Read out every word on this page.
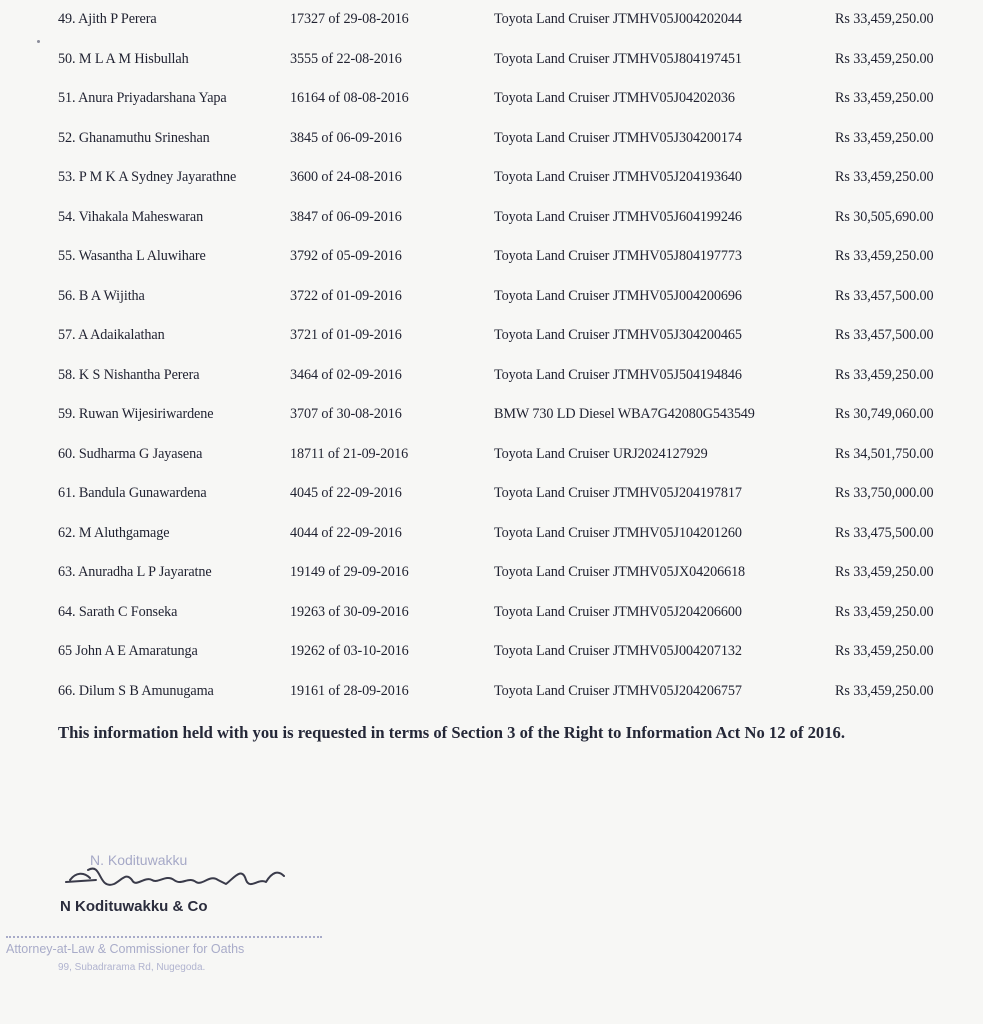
49. Ajith P Perera	17327 of 29-08-2016	Toyota Land Cruiser JTMHV05J004202044	Rs 33,459,250.00
50. M L A M Hisbullah	3555 of 22-08-2016	Toyota Land Cruiser JTMHV05J804197451	Rs 33,459,250.00
51. Anura Priyadarshana Yapa	16164 of 08-08-2016	Toyota Land Cruiser JTMHV05J04202036	Rs 33,459,250.00
52. Ghanamuthu Srineshan	3845 of 06-09-2016	Toyota Land Cruiser JTMHV05J304200174	Rs 33,459,250.00
53. P M K A Sydney Jayarathne	3600 of 24-08-2016	Toyota Land Cruiser JTMHV05J204193640	Rs 33,459,250.00
54. Vihakala Maheswaran	3847 of 06-09-2016	Toyota Land Cruiser JTMHV05J604199246	Rs 30,505,690.00
55. Wasantha L Aluwihare	3792 of 05-09-2016	Toyota Land Cruiser JTMHV05J804197773	Rs 33,459,250.00
56. B A Wijitha	3722 of 01-09-2016	Toyota Land Cruiser JTMHV05J004200696	Rs 33,457,500.00
57. A Adaikalathan	3721 of 01-09-2016	Toyota Land Cruiser JTMHV05J304200465	Rs 33,457,500.00
58. K S Nishantha Perera	3464 of 02-09-2016	Toyota Land Cruiser JTMHV05J504194846	Rs 33,459,250.00
59. Ruwan Wijesiriwardene	3707 of 30-08-2016	BMW 730 LD Diesel WBA7G42080G543549	Rs 30,749,060.00
60. Sudharma G Jayasena	18711 of 21-09-2016	Toyota Land Cruiser URJ2024127929	Rs 34,501,750.00
61. Bandula Gunawardena	4045 of 22-09-2016	Toyota Land Cruiser JTMHV05J204197817	Rs 33,750,000.00
62. M Aluthgamage	4044 of 22-09-2016	Toyota Land Cruiser JTMHV05J104201260	Rs 33,475,500.00
63. Anuradha L P Jayaratne	19149 of 29-09-2016	Toyota Land Cruiser JTMHV05JX04206618	Rs 33,459,250.00
64. Sarath C Fonseka	19263 of 30-09-2016	Toyota Land Cruiser JTMHV05J204206600	Rs 33,459,250.00
65 John A E Amaratunga	19262 of 03-10-2016	Toyota Land Cruiser JTMHV05J004207132	Rs 33,459,250.00
66. Dilum S B Amunugama	19161 of 28-09-2016	Toyota Land Cruiser JTMHV05J204206757	Rs 33,459,250.00
This information held with you is requested in terms of Section 3 of the Right to Information Act No 12 of 2016.
N. Kodituwakku
N Kodituwakku & Co
Attorney-at-Law & Commissioner for Oaths
99, Subadrarama Rd, Nugegoda.
